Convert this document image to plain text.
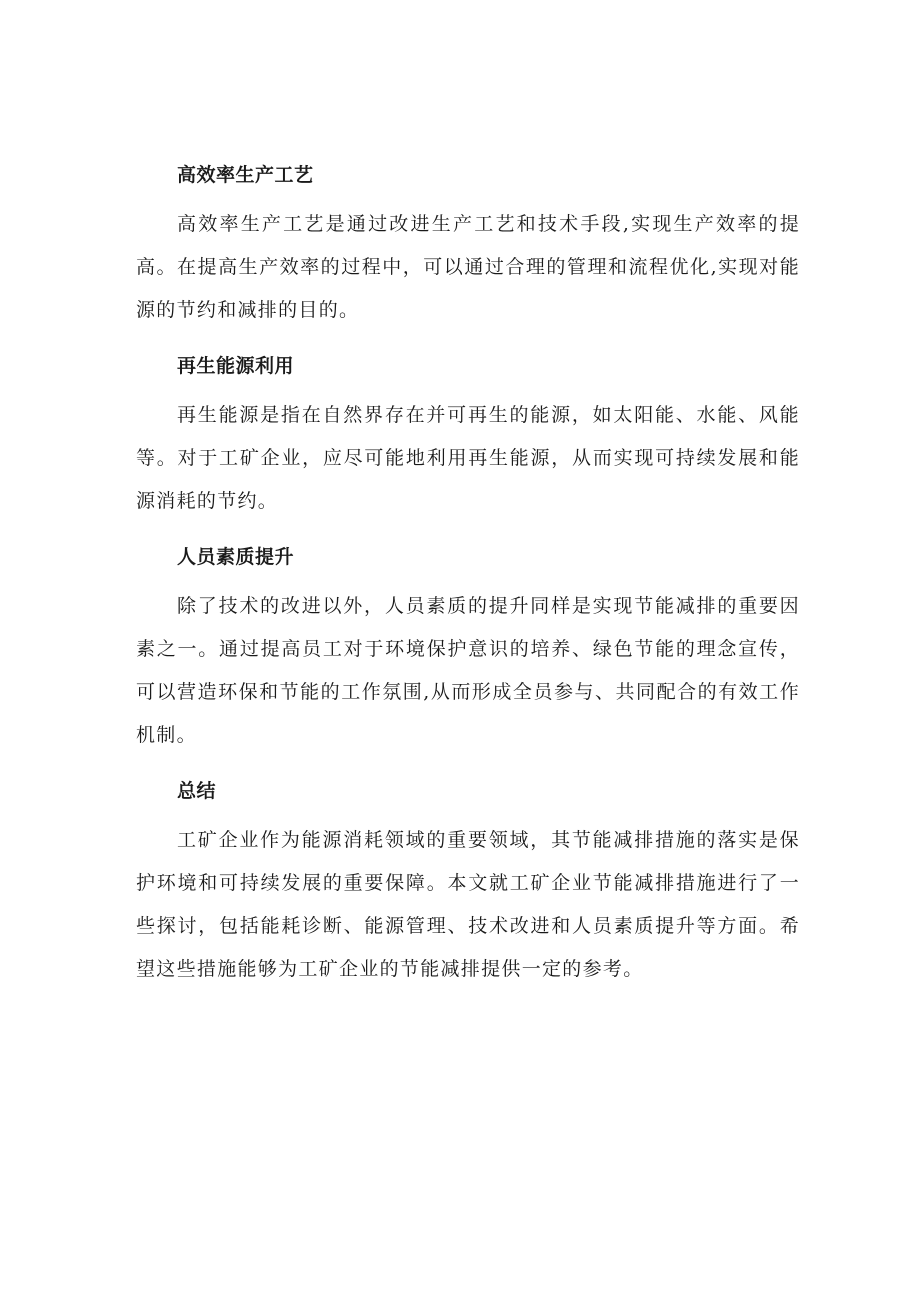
高效率生产工艺

高效率生产工艺是通过改进生产工艺和技术手段,实现生产效率的提高。在提高生产效率的过程中，可以通过合理的管理和流程优化,实现对能源的节约和减排的目的。

再生能源利用

再生能源是指在自然界存在并可再生的能源，如太阳能、水能、风能等。对于工矿企业，应尽可能地利用再生能源，从而实现可持续发展和能源消耗的节约。

人员素质提升

除了技术的改进以外，人员素质的提升同样是实现节能减排的重要因素之一。通过提高员工对于环境保护意识的培养、绿色节能的理念宣传，可以营造环保和节能的工作氛围,从而形成全员参与、共同配合的有效工作机制。

总结

工矿企业作为能源消耗领域的重要领域，其节能减排措施的落实是保护环境和可持续发展的重要保障。本文就工矿企业节能减排措施进行了一些探讨，包括能耗诊断、能源管理、技术改进和人员素质提升等方面。希望这些措施能够为工矿企业的节能减排提供一定的参考。
